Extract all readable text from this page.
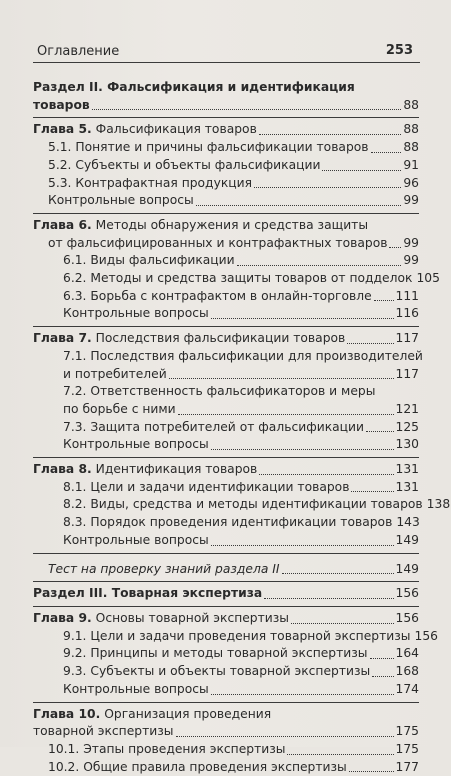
Оглавление	253
Раздел II. Фальсификация и идентификация
товаров	88
Глава 5. Фальсификация товаров	88
5.1. Понятие и причины фальсификации товаров	88
5.2. Субъекты и объекты фальсификации	91
5.3. Контрафактная продукция	96
Контрольные вопросы	99
Глава 6. Методы обнаружения и средства защиты
от фальсифицированных и контрафактных товаров 99
6.1. Виды фальсификации	99
6.2. Методы и средства защиты товаров от подделок 105
6.3. Борьба с контрафактом в онлайн-торговле 111
Контрольные вопросы	116
Глава 7. Последствия фальсификации товаров	117
7.1. Последствия фальсификации для производителей
и потребителей	117
7.2. Ответственность фальсификаторов и меры
по борьбе с ними	121
7.3. Защита потребителей от фальсификации	125
Контрольные вопросы	130
Глава 8. Идентификация товаров	131
8.1. Цели и задачи идентификации товаров	131
8.2. Виды, средства и методы идентификации товаров 138
8.3. Порядок проведения идентификации товаров 143
Контрольные вопросы	149
Тест на проверку знаний раздела II	149
Раздел III. Товарная экспертиза	156
Глава 9. Основы товарной экспертизы	156
9.1. Цели и задачи проведения товарной экспертизы 156
9.2. Принципы и методы товарной экспертизы 164
9.3. Субъекты и объекты товарной экспертизы 168
Контрольные вопросы	174
Глава 10. Организация проведения
товарной экспертизы	175
10.1. Этапы проведения экспертизы	175
10.2. Общие правила проведения экспертизы	177
